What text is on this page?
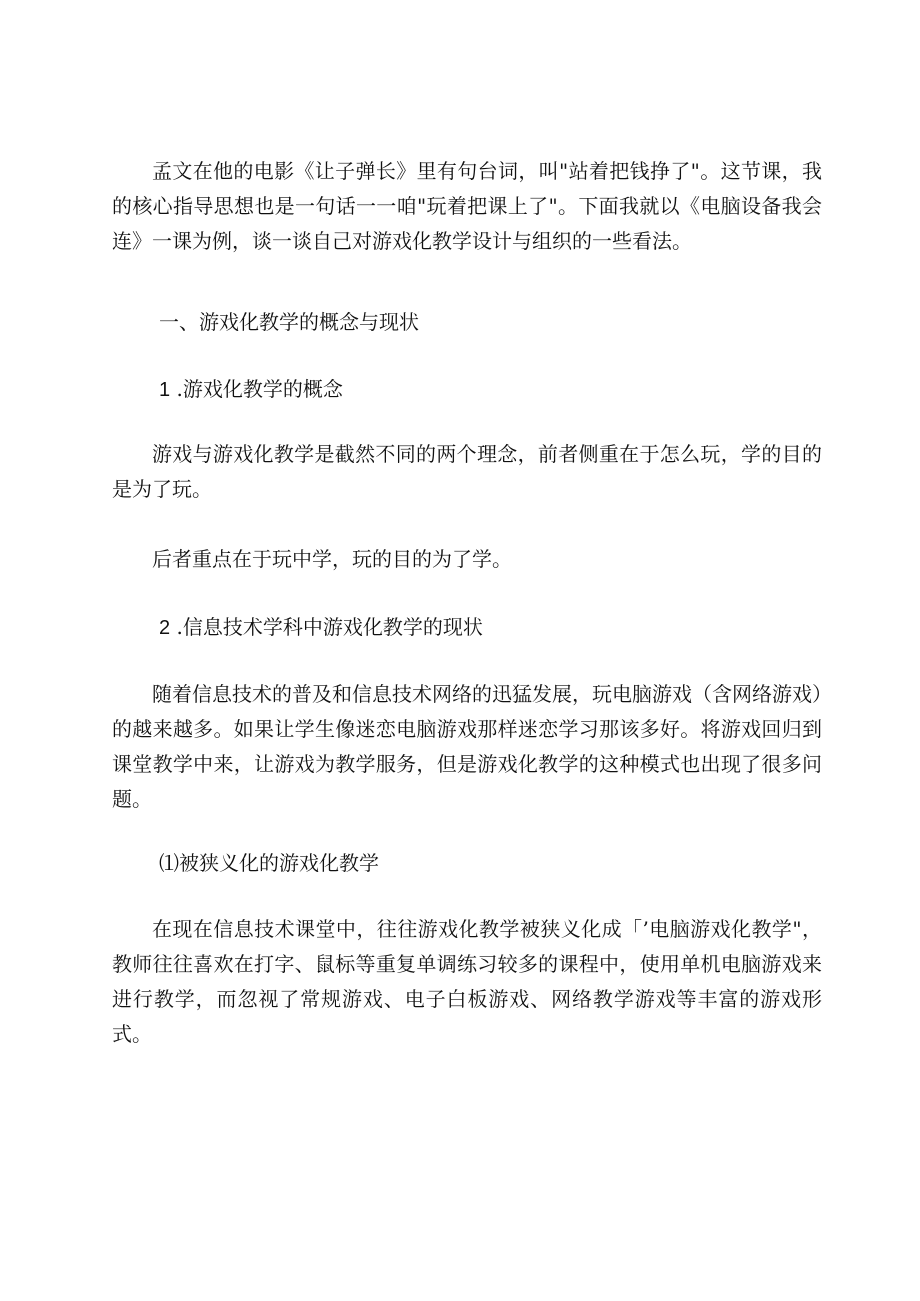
孟文在他的电影《让子弹长》里有句台词，叫"站着把钱挣了"。这节课，我的核心指导思想也是一句话一一咱"玩着把课上了"。下面我就以《电脑设备我会连》一课为例，谈一谈自己对游戏化教学设计与组织的一些看法。

一、游戏化教学的概念与现状

1 .游戏化教学的概念

游戏与游戏化教学是截然不同的两个理念，前者侧重在于怎么玩，学的目的是为了玩。

后者重点在于玩中学，玩的目的为了学。

2 .信息技术学科中游戏化教学的现状

随着信息技术的普及和信息技术网络的迅猛发展，玩电脑游戏（含网络游戏）的越来越多。如果让学生像迷恋电脑游戏那样迷恋学习那该多好。将游戏回归到课堂教学中来，让游戏为教学服务，但是游戏化教学的这种模式也出现了很多问题。

⑴被狭义化的游戏化教学

在现在信息技术课堂中，往往游戏化教学被狭义化成「’电脑游戏化教学"，教师往往喜欢在打字、鼠标等重复单调练习较多的课程中，使用单机电脑游戏来进行教学，而忽视了常规游戏、电子白板游戏、网络教学游戏等丰富的游戏形式。
